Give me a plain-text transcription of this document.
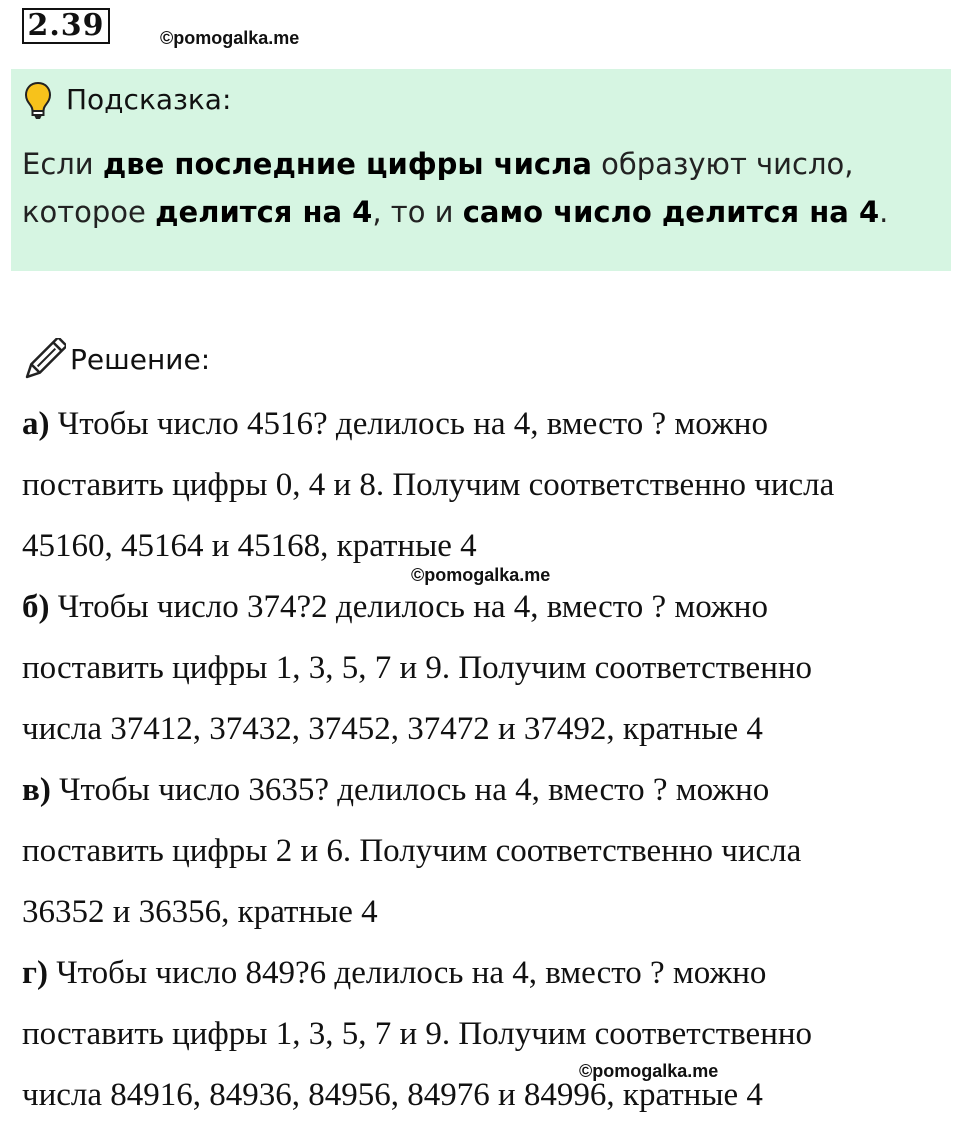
2.39	©pomogalka.me
Подсказка:
Если две последние цифры числа образуют число, которое делится на 4, то и само число делится на 4.
Решение:

а) Чтобы число 4516? делилось на 4, вместо ? можно
поставить цифры 0, 4 и 8. Получим соответственно числа
45160, 45164 и 45168, кратные 4

б) Чтобы число 374?2 делилось на 4, вместо ? можно
поставить цифры 1, 3, 5, 7 и 9. Получим соответственно
числа 37412, 37432, 37452, 37472 и 37492, кратные 4

в) Чтобы число 3635? делилось на 4, вместо ? можно
поставить цифры 2 и 6. Получим соответственно числа
36352 и 36356, кратные 4

г) Чтобы число 849?6 делилось на 4, вместо ? можно
поставить цифры 1, 3, 5, 7 и 9. Получим соответственно
числа 84916, 84936, 84956, 84976 и 84996, кратные 4

©pomogalka.me
©pomogalka.me
